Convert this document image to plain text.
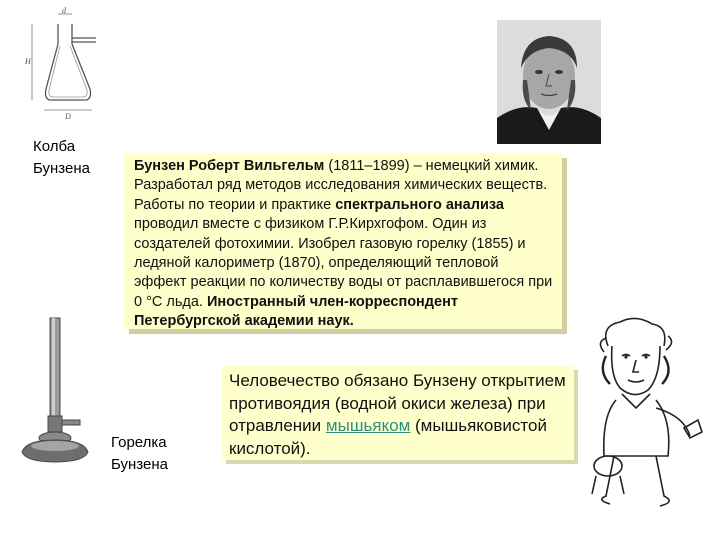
d
H
D
Колба
Бунзена	Бунзен Роберт Вильгельм (1811–1899) – немецкий химик. Разработал ряд методов исследования химических веществ. Работы по теории и практике спектрального анализа проводил вместе с физиком Г.Р.Кирхгофом. Один из создателей фотохимии. Изобрел газовую горелку (1855) и ледяной калориметр (1870), определяющий тепловой эффект реакции по количеству воды от расплавившегося при 0 °С льда. Иностранный член-корреспондент Петербургской академии наук.
Горелка
Бунзена
Человечество обязано Бунзену открытием противоядия (водной окиси железа) при отравлении мышьяком (мышьяковистой кислотой).
